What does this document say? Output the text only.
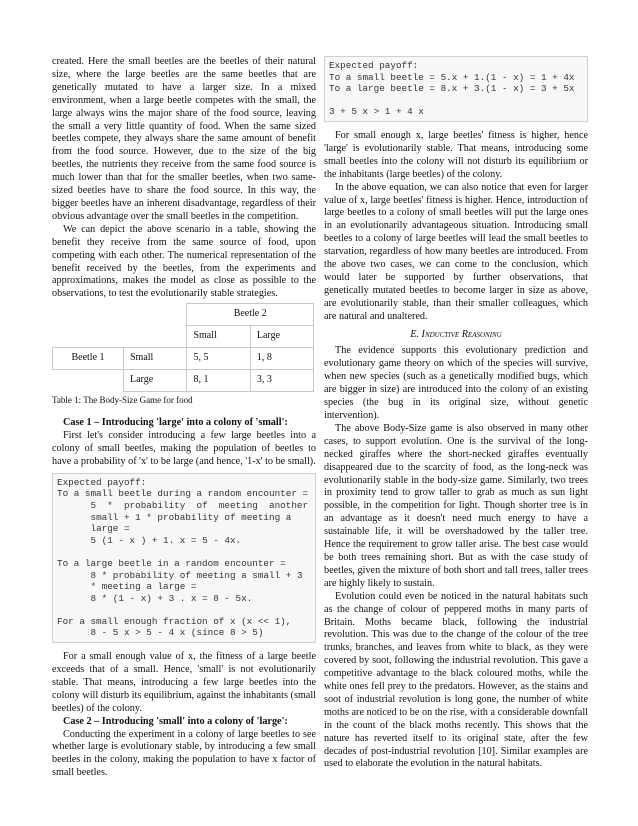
created. Here the small beetles are the beetles of their natural size, where the large beetles are the same beetles that are genetically mutated to have a larger size. In a mixed environment, when a large beetle competes with the small, the large always wins the major share of the food source, leaving the small a very little quantity of food. When the same sized beetles compete, they always share the same amount of benefit from the food source. However, due to the size of the big beetles, the nutrients they receive from the same food source is much lower than that for the smaller beetles, when two same-sized beetles have to share the food source. In this way, the bigger beetles have an inherent disadvantage, regardless of their obvious advantage over the small beetles in the competition.

We can depict the above scenario in a table, showing the benefit they receive from the same source of food, upon competing with each other. The numerical representation of the benefit received by the beetles, from the experiments and approximations, makes the model as close as possible to the observations, to test the evolutionarily stable strategies.

		Beetle 2	
		Small	Large
Beetle 1	Small	5, 5	1, 8
	Large	8, 1	3, 3
Table 1: The Body-Size Game for food

Case 1 – Introducing 'large' into a colony of 'small':

First let's consider introducing a few large beetles into a colony of small beetles, making the population of beetles to have a probability of 'x' to be large (and hence, '1-x' to be small).

Expected payoff:
To a small beetle during a random encounter =
5  *  probability  of  meeting  another
small + 1 * probability of meeting a
large =
5 (1 - x ) + 1. x = 5 - 4x.

To a large beetle in a random encounter =
8 * probability of meeting a small + 3
* meeting a large =
8 * (1 - x) + 3 . x = 8 - 5x.

For a small enough fraction of x (x << 1),
8 - 5 x > 5 - 4 x (since 8 > 5)

For a small enough value of x, the fitness of a large beetle exceeds that of a small. Hence, 'small' is not evolutionarily stable. That means, introducing a few large beetles into the colony will disturb its equilibrium, against the inhabitants (small beetles) of the colony.

Case 2 – Introducing 'small' into a colony of 'large':

Conducting the experiment in a colony of large beetles to see whether large is evolutionary stable, by introducing a few small beetles in the colony, making the population to have x factor of small beetles.

Expected payoff:
To a small beetle = 5.x + 1.(1 - x) = 1 + 4x
To a large beetle = 8.x + 3.(1 - x) = 3 + 5x

3 + 5 x > 1 + 4 x

For small enough x, large beetles' fitness is higher, hence 'large' is evolutionarily stable. That means, introducing some small beetles into the colony will not disturb its equilibrium or the inhabitants (large beetles) of the colony.

In the above equation, we can also notice that even for larger value of x, large beetles' fitness is higher. Hence, introduction of large beetles to a colony of small beetles will put the large ones in an evolutionarily advantageous situation. Introducing small beetles to a colony of large beetles will lead the small beetles to starvation, regardless of how many beetles are introduced. From the above two cases, we can come to the conclusion, which would later be supported by further observations, that genetically mutated beetles to become larger in size as above, are evolutionarily stable, than their smaller colleagues, which are natural and unaltered.

E. Inductive Reasoning

The evidence supports this evolutionary prediction and evolutionary game theory on which of the species will survive, when new species (such as a genetically modified bugs, which are bigger in size) are introduced into the colony of an existing species (the bug in its original size, without genetic intervention).

The above Body-Size game is also observed in many other cases, to support evolution. One is the survival of the long-necked giraffes where the short-necked giraffes eventually disappeared due to the scarcity of food, as the long-neck was evolutionarily stable in the body-size game. Similarly, two trees in proximity tend to grow taller to grab as much as sun light possible, in the competition for light. Though shorter tree is in an advantage as it doesn't need much energy to have a sustainable life, it will be overshadowed by the taller tree. Hence the requirement to grow taller arise. The best case would be both trees remaining short. But as with the case study of beetles, given the mixture of both short and tall trees, taller trees are highly likely to sustain.

Evolution could even be noticed in the natural habitats such as the change of colour of peppered moths in many parts of Britain. Moths became black, following the industrial revolution. This was due to the change of the colour of the tree trunks, branches, and leaves from white to black, as they were covered by soot, following the industrial revolution. This gave a competitive advantage to the black coloured moths, while the white ones fell prey to the predators. However, as the stains and soot of industrial revolution is long gone, the number of white moths are noticed to be on the rise, with a considerable downfall in the count of the black moths recently. This shows that the nature has reverted itself to its original state, after the few decades of post-industrial revolution [10]. Similar examples are used to elaborate the evolution in the natural habitats.
